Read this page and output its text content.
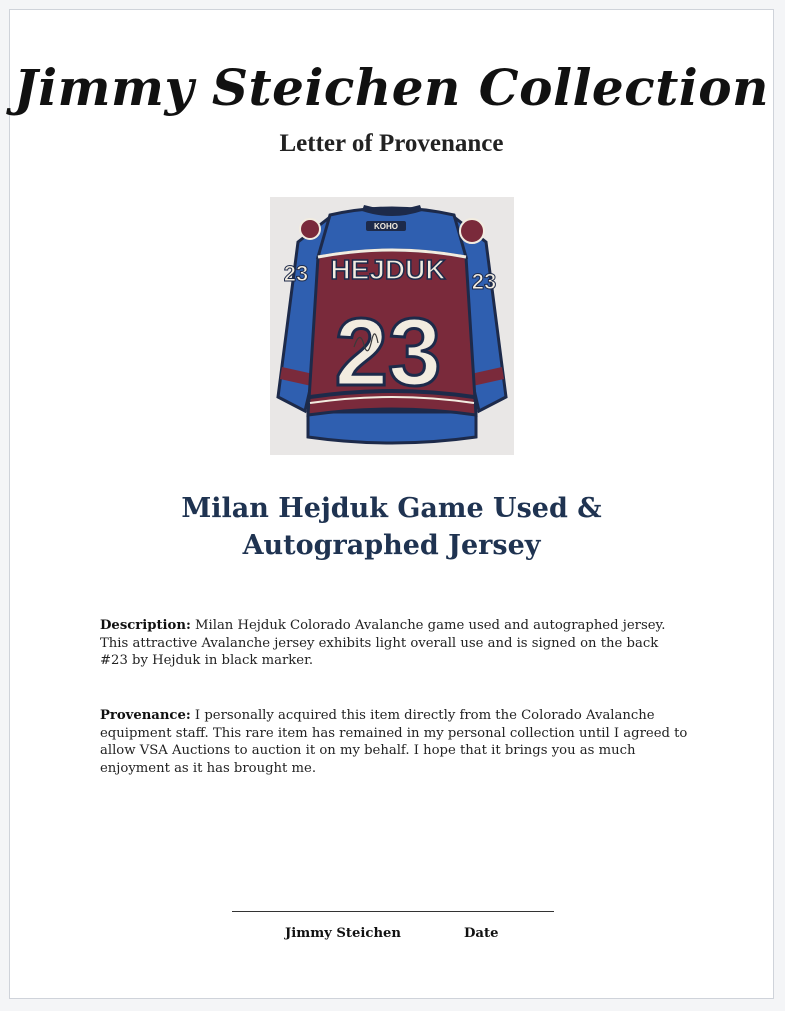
Jimmy Steichen Collection
Letter of Provenance
KOHO
HEJDUK
23	23
23
Milan Hejduk Game Used &
Autographed Jersey

Description: Milan Hejduk Colorado Avalanche game used and autographed jersey. This attractive Avalanche jersey exhibits light overall use and is signed on the back #23 by Hejduk in black marker.

Provenance: I personally acquired this item directly from the Colorado Avalanche equipment staff. This rare item has remained in my personal collection until I agreed to allow VSA Auctions to auction it on my behalf. I hope that it brings you as much enjoyment as it has brought me.

Jimmy Steichen	Date
